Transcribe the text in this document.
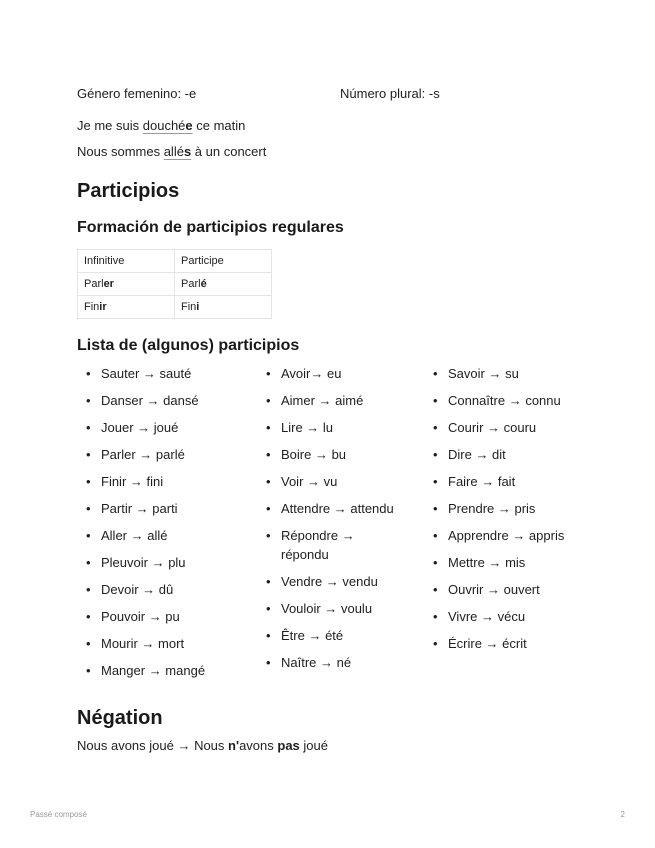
Género femenino: -e	Número plural: -s
Je me suis douchée ce matin
Nous sommes allés à un concert
Participios
Formación de participios regulares
Infinitive	Participe
Parler	Parlé
Finir	Fini
Lista de (algunos) participios
• Sauter → sauté
• Danser → dansé
• Jouer → joué
• Parler → parlé
• Finir → fini
• Partir → parti
• Aller → allé
• Pleuvoir → plu
• Devoir → dû
• Pouvoir → pu
• Mourir → mort
• Manger → mangé
• Avoir→ eu
• Aimer → aimé
• Lire → lu
• Boire → bu
• Voir → vu
• Attendre → attendu
• Répondre → répondu
• Vendre → vendu
• Vouloir → voulu
• Être → été
• Naître → né
• Savoir → su
• Connaître → connu
• Courir → couru
• Dire → dit
• Faire → fait
• Prendre → pris
• Apprendre → appris
• Mettre → mis
• Ouvrir → ouvert
• Vivre → vécu
• Écrire → écrit
Négation
Nous avons joué → Nous n'avons pas joué
Passé composé	2
